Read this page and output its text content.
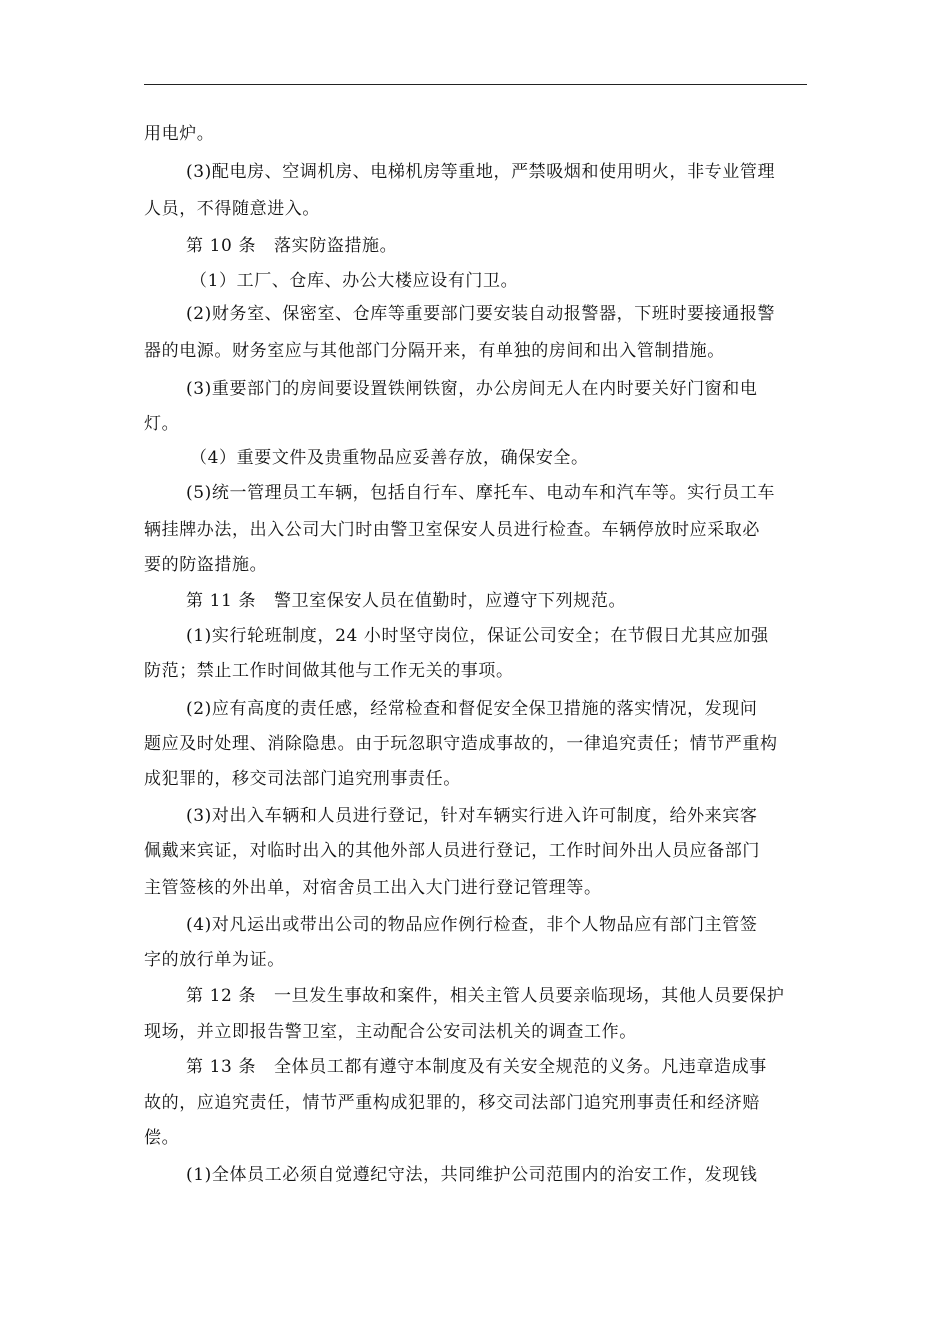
用电炉。
(3)配电房、空调机房、电梯机房等重地，严禁吸烟和使用明火，非专业管理
人员，不得随意进入。
第 10 条   落实防盗措施。
（1）工厂、仓库、办公大楼应设有门卫。
(2)财务室、保密室、仓库等重要部门要安装自动报警器，下班时要接通报警
器的电源。财务室应与其他部门分隔开来，有单独的房间和出入管制措施。
(3)重要部门的房间要设置铁闸铁窗，办公房间无人在内时要关好门窗和电
灯。
（4）重要文件及贵重物品应妥善存放，确保安全。
(5)统一管理员工车辆，包括自行车、摩托车、电动车和汽车等。实行员工车
辆挂牌办法，出入公司大门时由警卫室保安人员进行检查。车辆停放时应采取必
要的防盗措施。
第 11 条   警卫室保安人员在值勤时，应遵守下列规范。
(1)实行轮班制度，24 小时坚守岗位，保证公司安全；在节假日尤其应加强
防范；禁止工作时间做其他与工作无关的事项。
(2)应有高度的责任感，经常检查和督促安全保卫措施的落实情况，发现问
题应及时处理、消除隐患。由于玩忽职守造成事故的，一律追究责任；情节严重构
成犯罪的，移交司法部门追究刑事责任。
(3)对出入车辆和人员进行登记，针对车辆实行进入许可制度，给外来宾客
佩戴来宾证，对临时出入的其他外部人员进行登记，工作时间外出人员应备部门
主管签核的外出单，对宿舍员工出入大门进行登记管理等。
(4)对凡运出或带出公司的物品应作例行检查，非个人物品应有部门主管签
字的放行单为证。
第 12 条   一旦发生事故和案件，相关主管人员要亲临现场，其他人员要保护
现场，并立即报告警卫室，主动配合公安司法机关的调查工作。
第 13 条   全体员工都有遵守本制度及有关安全规范的义务。凡违章造成事
故的，应追究责任，情节严重构成犯罪的，移交司法部门追究刑事责任和经济赔
偿。
(1)全体员工必须自觉遵纪守法，共同维护公司范围内的治安工作，发现钱
